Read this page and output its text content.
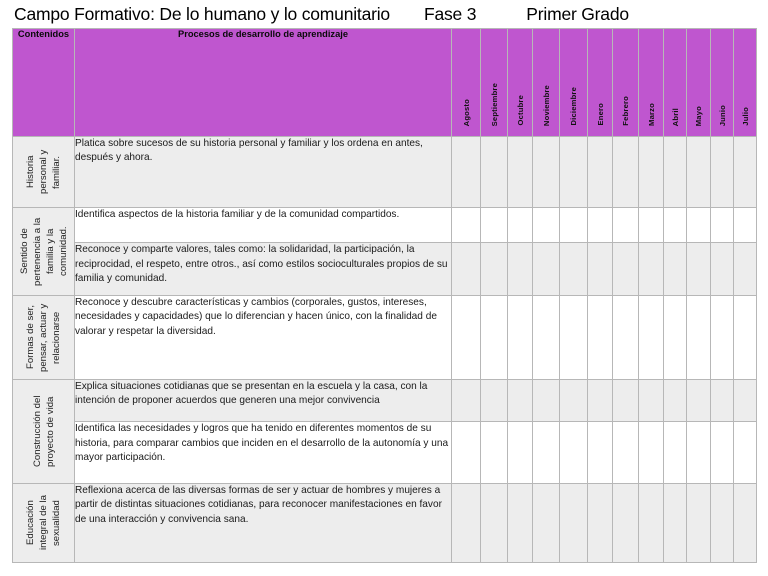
Campo Formativo: De lo humano y lo comunitario Fase 3	Primer Grado
Contenidos	Procesos de desarrollo de aprendizaje	Agosto	Septiembre	Octubre	Noviembre	Diciembre	Enero	Febrero	Marzo	Abril	Mayo	Junio	Julio

Historia personal y familiar.	Platica sobre sucesos de su historia personal y familiar y los ordena en antes, después y ahora.												

Sentido de pertenencia a la familia y la comunidad.	Identifica aspectos de la historia familiar y de la comunidad compartidos.												
	Reconoce y comparte valores, tales como: la solidaridad, la participación, la reciprocidad, el respeto, entre otros., así como estilos socioculturales propios de su familia y comunidad.												

Formas de ser, pensar, actuar y relacionarse	Reconoce y descubre características y cambios (corporales, gustos, intereses, necesidades y capacidades) que lo diferencian y hacen único, con la finalidad de valorar y respetar la diversidad.												

Construcción del proyecto de vida	Explica situaciones cotidianas que se presentan en la escuela y la casa, con la intención de proponer acuerdos que generen una mejor convivencia												
	Identifica las necesidades y logros que ha tenido en diferentes momentos de su historia, para comparar cambios que inciden en el desarrollo de la autonomía y una mayor participación.												

Educación integral de la sexualidad	Reflexiona acerca de las diversas formas de ser y actuar de hombres y mujeres a partir de distintas situaciones cotidianas, para reconocer manifestaciones en favor de una interacción y convivencia sana.												
